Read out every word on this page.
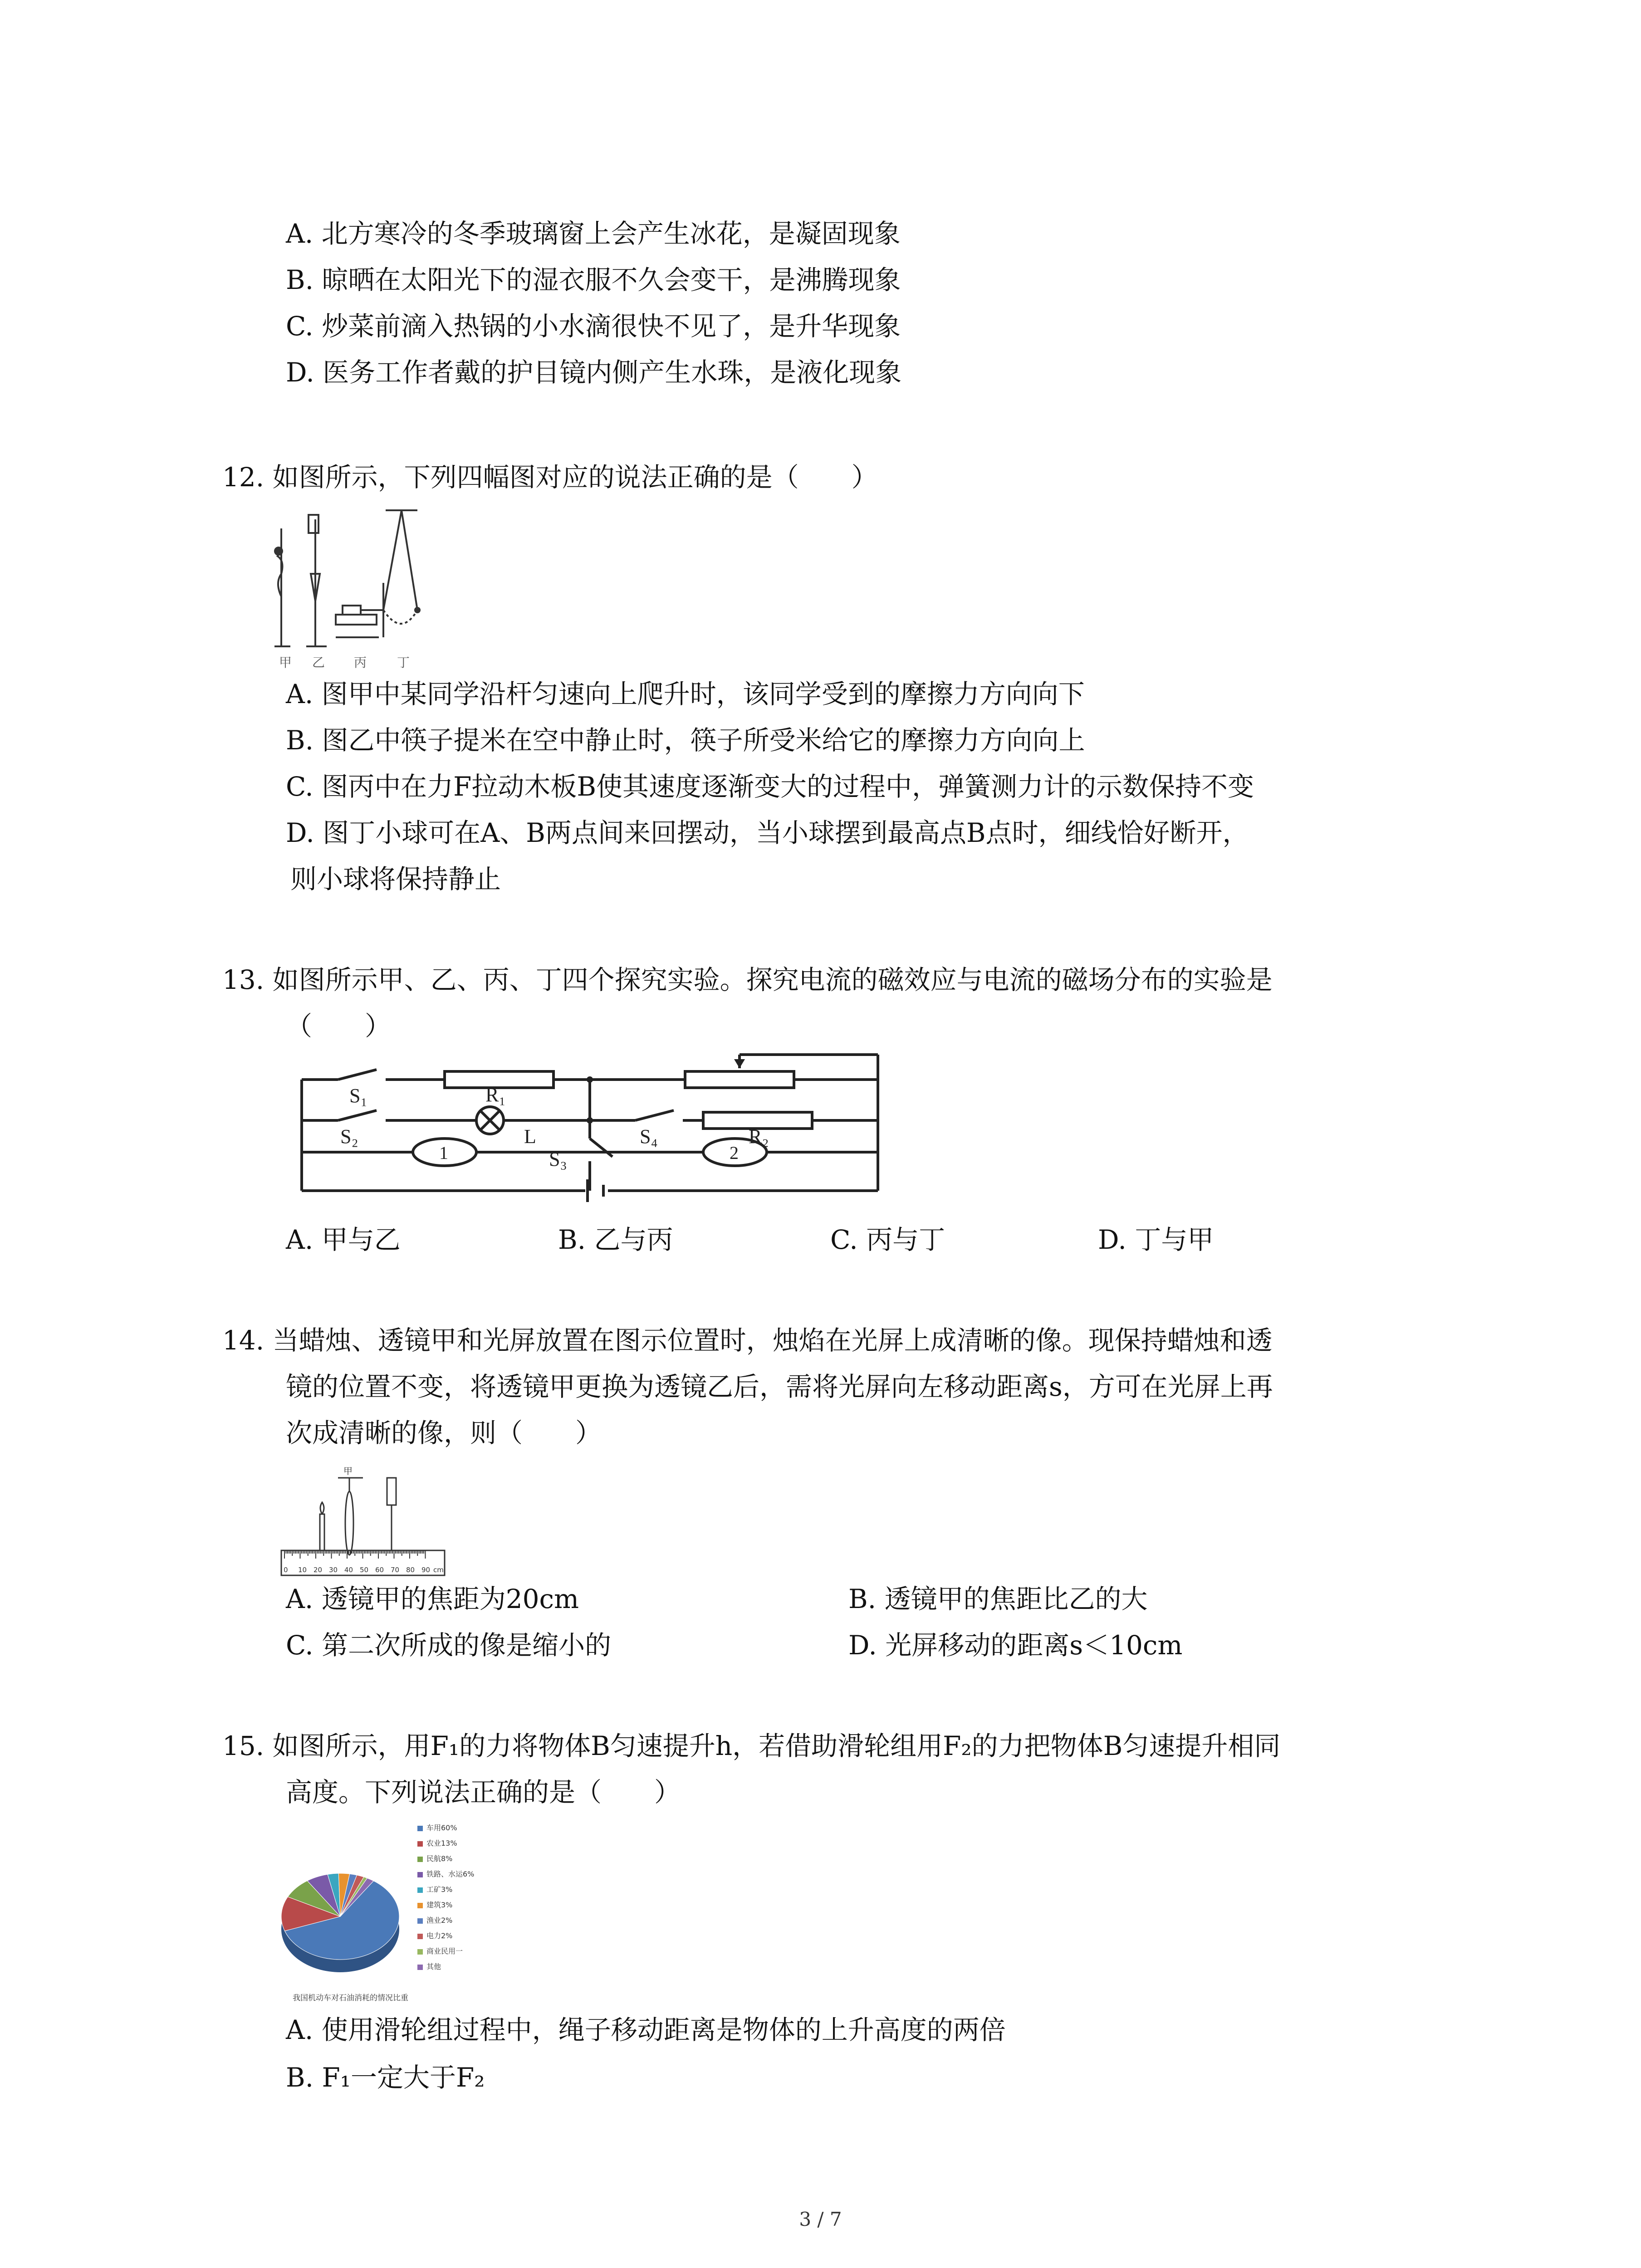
A. 北方寒冷的冬季玻璃窗上会产生冰花，是凝固现象
B. 晾晒在太阳光下的湿衣服不久会变干，是沸腾现象
C. 炒菜前滴入热锅的小水滴很快不见了，是升华现象
D. 医务工作者戴的护目镜内侧产生水珠，是液化现象
12. 如图所示，下列四幅图对应的说法正确的是（　　）
甲 乙 丙 丁
A. 图甲中某同学沿杆匀速向上爬升时，该同学受到的摩擦力方向向下
B. 图乙中筷子提米在空中静止时，筷子所受米给它的摩擦力方向向上
C. 图丙中在力F拉动木板B使其速度逐渐变大的过程中，弹簧测力计的示数保持不变
D. 图丁小球可在A、B两点间来回摆动，当小球摆到最高点B点时，细线恰好断开，
则小球将保持静止
13. 如图所示甲、乙、丙、丁四个探究实验。探究电流的磁效应与电流的磁场分布的实验是
（　　）
S₁	R₁
S₂	L
S₃
S₄	R₂
1	2
A. 甲与乙	B. 乙与丙	C. 丙与丁	D. 丁与甲
14. 当蜡烛、透镜甲和光屏放置在图示位置时，烛焰在光屏上成清晰的像。现保持蜡烛和透
镜的位置不变，将透镜甲更换为透镜乙后，需将光屏向左移动距离s，方可在光屏上再
次成清晰的像，则（　　）
甲
0 10 20 30 40 50 60 70 80 90 cm
A. 透镜甲的焦距为20cm	B. 透镜甲的焦距比乙的大
C. 第二次所成的像是缩小的	D. 光屏移动的距离s＜10cm
15. 如图所示，用F₁的力将物体B匀速提升h，若借助滑轮组用F₂的力把物体B匀速提升相同
高度。下列说法正确的是（　　）
车用60%
农业13%
民航8%
铁路、水运6%
工矿3%
建筑3%
渔业2%
电力2%
商业民用一
其他
我国机动车对石油消耗的情况比重
A. 使用滑轮组过程中，绳子移动距离是物体的上升高度的两倍
B. F₁一定大于F₂
3 / 7
